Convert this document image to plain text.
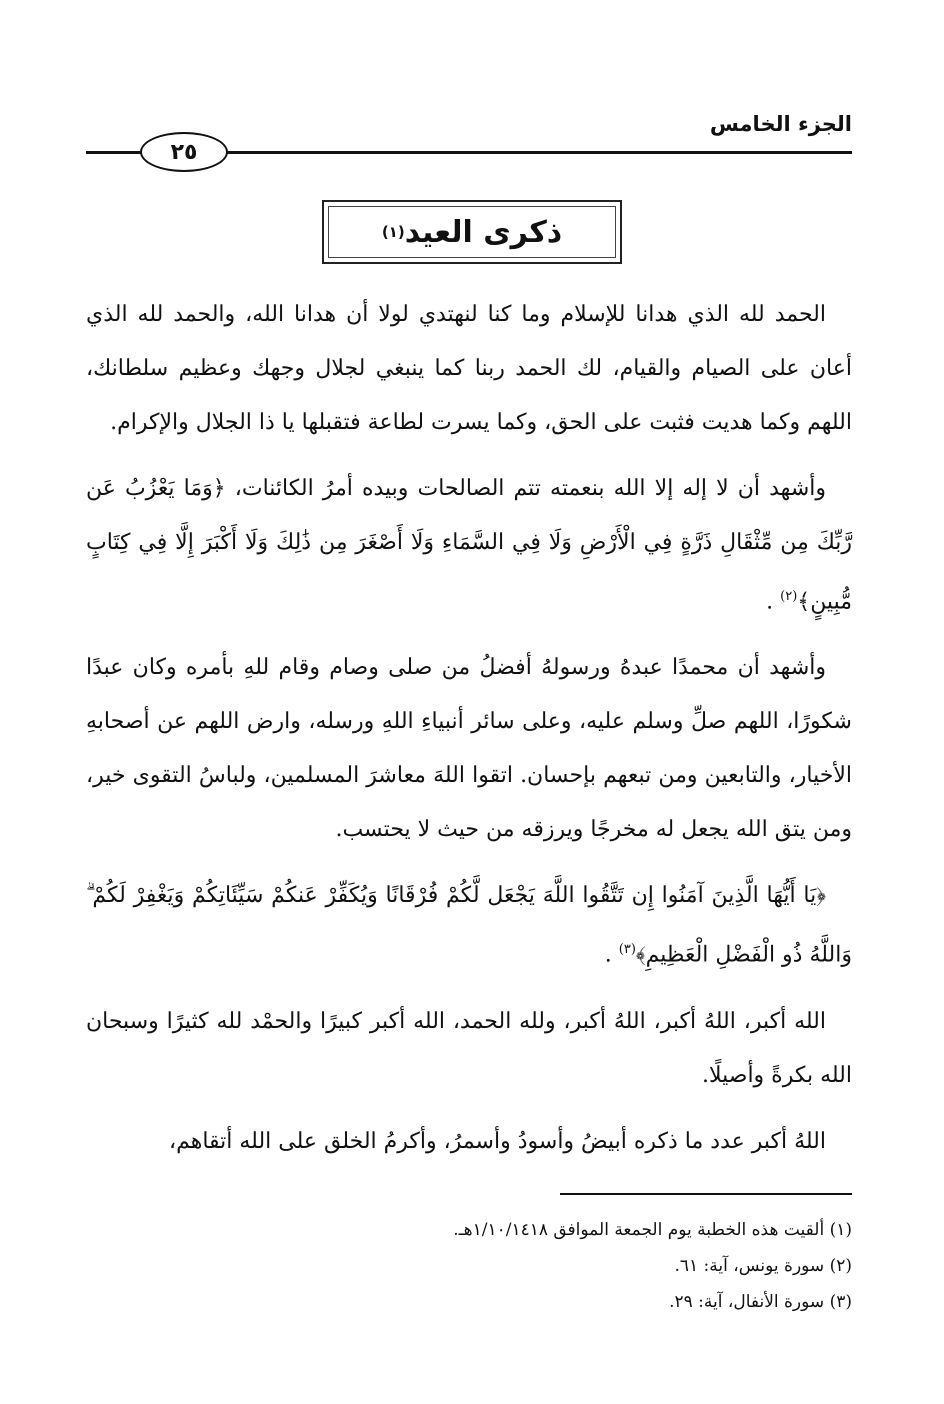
الجزء الخامس
٢٥
ذكرى العيد
(١)

الحمد لله الذي هدانا للإسلام وما كنا لنهتدي لولا أن هدانا الله، والحمد لله الذي أعان على الصيام والقيام، لك الحمد ربنا كما ينبغي لجلال وجهك وعظيم سلطانك، اللهم وكما هديت فثبت على الحق، وكما يسرت لطاعة فتقبلها يا ذا الجلال والإكرام.

وأشهد أن لا إله إلا الله بنعمته تتم الصالحات وبيده أمرُ الكائنات، ﴿وَمَا يَعْزُبُ عَن رَّبِّكَ مِن مِّثْقَالِ ذَرَّةٍ فِي الْأَرْضِ وَلَا فِي السَّمَاءِ وَلَا أَصْغَرَ مِن ذَٰلِكَ وَلَا أَكْبَرَ إِلَّا فِي كِتَابٍ مُّبِينٍ﴾$^{(٢)}$ .

وأشهد أن محمدًا عبدهُ ورسولهُ أفضلُ من صلى وصام وقام للهِ بأمره وكان عبدًا شكورًا، اللهم صلِّ وسلم عليه، وعلى سائر أنبياءِ اللهِ ورسله، وارض اللهم عن أصحابهِ الأخيار، والتابعين ومن تبعهم بإحسان. اتقوا اللهَ معاشرَ المسلمين، ولباسُ التقوى خير، ومن يتق الله يجعل له مخرجًا ويرزقه من حيث لا يحتسب.

﴿يَا أَيُّهَا الَّذِينَ آمَنُوا إِن تَتَّقُوا اللَّهَ يَجْعَل لَّكُمْ فُرْقَانًا وَيُكَفِّرْ عَنكُمْ سَيِّئَاتِكُمْ وَيَغْفِرْ لَكُمْ ۗ وَاللَّهُ ذُو الْفَضْلِ الْعَظِيمِ﴾$^{(٣)}$ .

الله أكبر، اللهُ أكبر، اللهُ أكبر، ولله الحمد، الله أكبر كبيرًا والحمْد لله كثيرًا وسبحان الله بكرةً وأصيلًا.

اللهُ أكبر عدد ما ذكره أبيضُ وأسودُ وأسمرُ، وأكرمُ الخلق على الله أتقاهم،

(١) ألقيت هذه الخطبة يوم الجمعة الموافق ١/١٠/١٤١٨هـ.
(٢) سورة يونس، آية: ٦١.
(٣) سورة الأنفال، آية: ٢٩.
